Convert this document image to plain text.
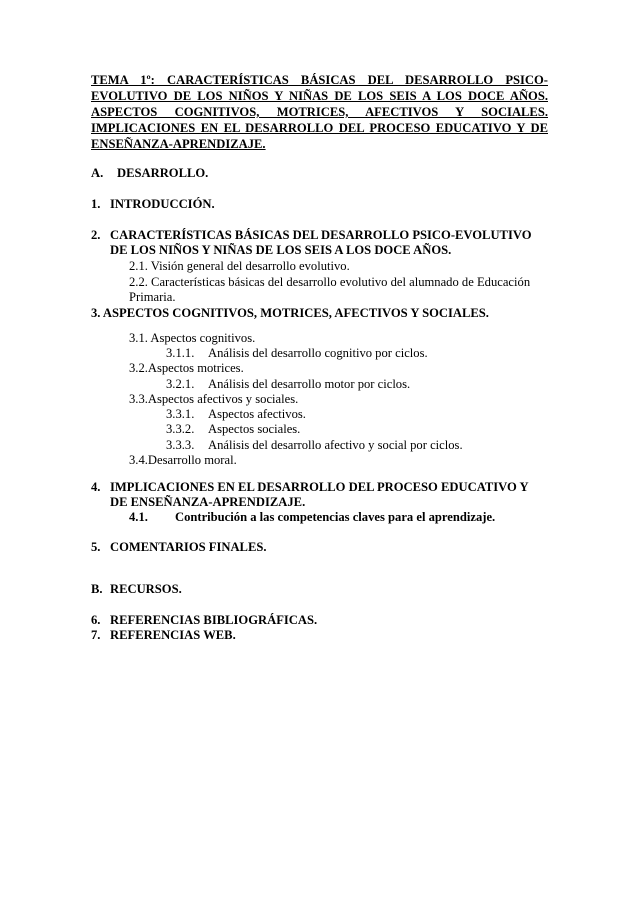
TEMA 1º: CARACTERÍSTICAS BÁSICAS DEL DESARROLLO PSICO-EVOLUTIVO DE LOS NIÑOS Y NIÑAS DE LOS SEIS A LOS DOCE AÑOS. ASPECTOS COGNITIVOS, MOTRICES, AFECTIVOS Y SOCIALES. IMPLICACIONES EN EL DESARROLLO DEL PROCESO EDUCATIVO Y DE ENSEÑANZA-APRENDIZAJE.
A. DESARROLLO.
1. INTRODUCCIÓN.
2. CARACTERÍSTICAS BÁSICAS DEL DESARROLLO PSICO-EVOLUTIVO
DE LOS NIÑOS Y NIÑAS DE LOS SEIS A LOS DOCE AÑOS.
2.1. Visión general del desarrollo evolutivo.
2.2. Características básicas del desarrollo evolutivo del alumnado de Educación
Primaria.
3. ASPECTOS COGNITIVOS, MOTRICES, AFECTIVOS Y SOCIALES.
3.1. Aspectos cognitivos.
3.1.1. Análisis del desarrollo cognitivo por ciclos.
3.2.Aspectos motrices.
3.2.1. Análisis del desarrollo motor por ciclos.
3.3.Aspectos afectivos y sociales.
3.3.1. Aspectos afectivos.
3.3.2. Aspectos sociales.
3.3.3. Análisis del desarrollo afectivo y social por ciclos.
3.4.Desarrollo moral.
4. IMPLICACIONES EN EL DESARROLLO DEL PROCESO EDUCATIVO Y
DE ENSEÑANZA-APRENDIZAJE.
4.1. Contribución a las competencias claves para el aprendizaje.
5. COMENTARIOS FINALES.
B. RECURSOS.
6. REFERENCIAS BIBLIOGRÁFICAS.
7. REFERENCIAS WEB.
